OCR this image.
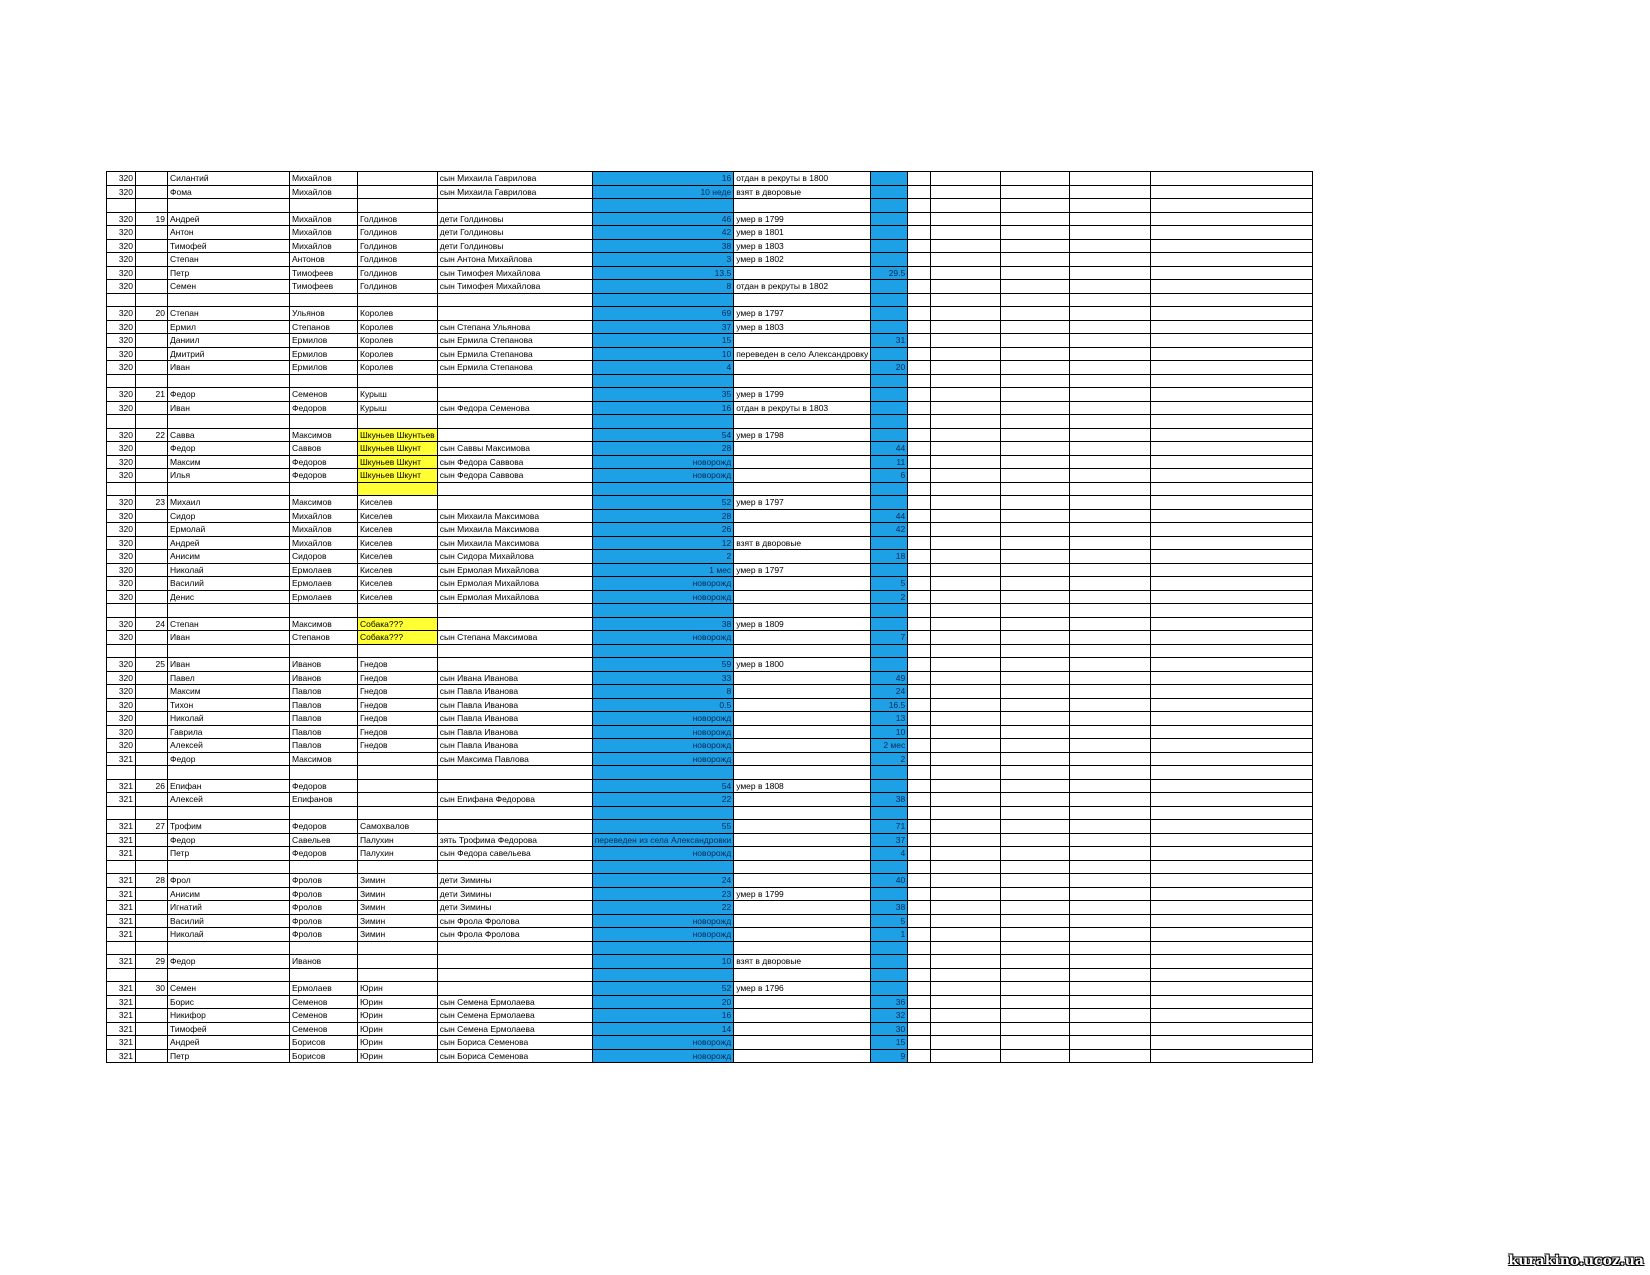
320		Силантий	Михайлов		сын Михаила Гаврилова	16	отдан в рекруты в 1800						
320		Фома	Михайлов		сын Михаила Гаврилова	10 неде	взят в дворовые						

320	19	Андрей	Михайлов	Голдинов	дети Голдиновы	46	умер в 1799						
320		Антон	Михайлов	Голдинов	дети Голдиновы	42	умер в 1801						
320		Тимофей	Михайлов	Голдинов	дети Голдиновы	38	умер в 1803						
320		Степан	Антонов	Голдинов	сын Антона Михайлова	3	умер в 1802						
320		Петр	Тимофеев	Голдинов	сын Тимофея Михайлова	13.5		29.5					
320		Семен	Тимофеев	Голдинов	сын Тимофея Михайлова	8	отдан в рекруты в 1802						

320	20	Степан	Ульянов	Королев		69	умер в 1797						
320		Ермил	Степанов	Королев	сын Степана Ульянова	37	умер в 1803						
320		Даниил	Ермилов	Королев	сын Ермила Степанова	15		31					
320		Дмитрий	Ермилов	Королев	сын Ермила Степанова	10	переведен в село Александровку						
320		Иван	Ермилов	Королев	сын Ермила Степанова	4		20					

320	21	Федор	Семенов	Курыш		35	умер в 1799						
320		Иван	Федоров	Курыш	сын Федора Семенова	16	отдан в рекруты в 1803						

320	22	Савва	Максимов	Шкуньев Шкунтьев		54	умер в 1798						
320		Федор	Саввов	Шкуньев Шкунт	сын Саввы Максимова	28		44					
320		Максим	Федоров	Шкуньев Шкунт	сын Федора Саввова	новорожд		11					
320		Илья	Федоров	Шкуньев Шкунт	сын Федора Саввова	новорожд		6					

320	23	Михаил	Максимов	Киселев		52	умер в 1797						
320		Сидор	Михайлов	Киселев	сын Михаила Максимова	28		44					
320		Ермолай	Михайлов	Киселев	сын Михаила Максимова	26		42					
320		Андрей	Михайлов	Киселев	сын Михаила Максимова	12	взят в дворовые						
320		Анисим	Сидоров	Киселев	сын Сидора Михайлова	2		18					
320		Николай	Ермолаев	Киселев	сын Ермолая Михайлова	1 мес	умер в 1797						
320		Василий	Ермолаев	Киселев	сын Ермолая Михайлова	новорожд		5					
320		Денис	Ермолаев	Киселев	сын Ермолая Михайлова	новорожд		2					

320	24	Степан	Максимов	Собака???		38	умер в 1809						
320		Иван	Степанов	Собака???	сын Степана Максимова	новорожд		7					

320	25	Иван	Иванов	Гнедов		59	умер в 1800						
320		Павел	Иванов	Гнедов	сын Ивана Иванова	33		49					
320		Максим	Павлов	Гнедов	сын Павла Иванова	8		24					
320		Тихон	Павлов	Гнедов	сын Павла Иванова	0.5		16.5					
320		Николай	Павлов	Гнедов	сын Павла Иванова	новорожд		13					
320		Гаврила	Павлов	Гнедов	сын Павла Иванова	новорожд		10					
320		Алексей	Павлов	Гнедов	сын Павла Иванова	новорожд		2 мес					
321		Федор	Максимов		сын Максима Павлова	новорожд		2					

321	26	Епифан	Федоров			54	умер в 1808						
321		Алексей	Епифанов		сын Епифана Федорова	22		38					

321	27	Трофим	Федоров	Самохвалов		55		71					
321		Федор	Савельев	Палухин	зять Трофима Федорова	переведен из села Александровки		37					
321		Петр	Федоров	Палухин	сын Федора савельева	новорожд		4					

321	28	Фрол	Фролов	Зимин	дети Зимины	24		40					
321		Анисим	Фролов	Зимин	дети Зимины	23	умер в 1799						
321		Игнатий	Фролов	Зимин	дети Зимины	22		38					
321		Василий	Фролов	Зимин	сын Фрола Фролова	новорожд		5					
321		Николай	Фролов	Зимин	сын Фрола Фролова	новорожд		1					

321	29	Федор	Иванов			10	взят в дворовые						

321	30	Семен	Ермолаев	Юрин		52	умер в 1796						
321		Борис	Семенов	Юрин	сын Семена Ермолаева	20		36					
321		Никифор	Семенов	Юрин	сын Семена Ермолаева	16		32					
321		Тимофей	Семенов	Юрин	сын Семена Ермолаева	14		30					
321		Андрей	Борисов	Юрин	сын Бориса Семенова	новорожд		15					
321		Петр	Борисов	Юрин	сын Бориса Семенова	новорожд		9					
kurakino.ucoz.ua
